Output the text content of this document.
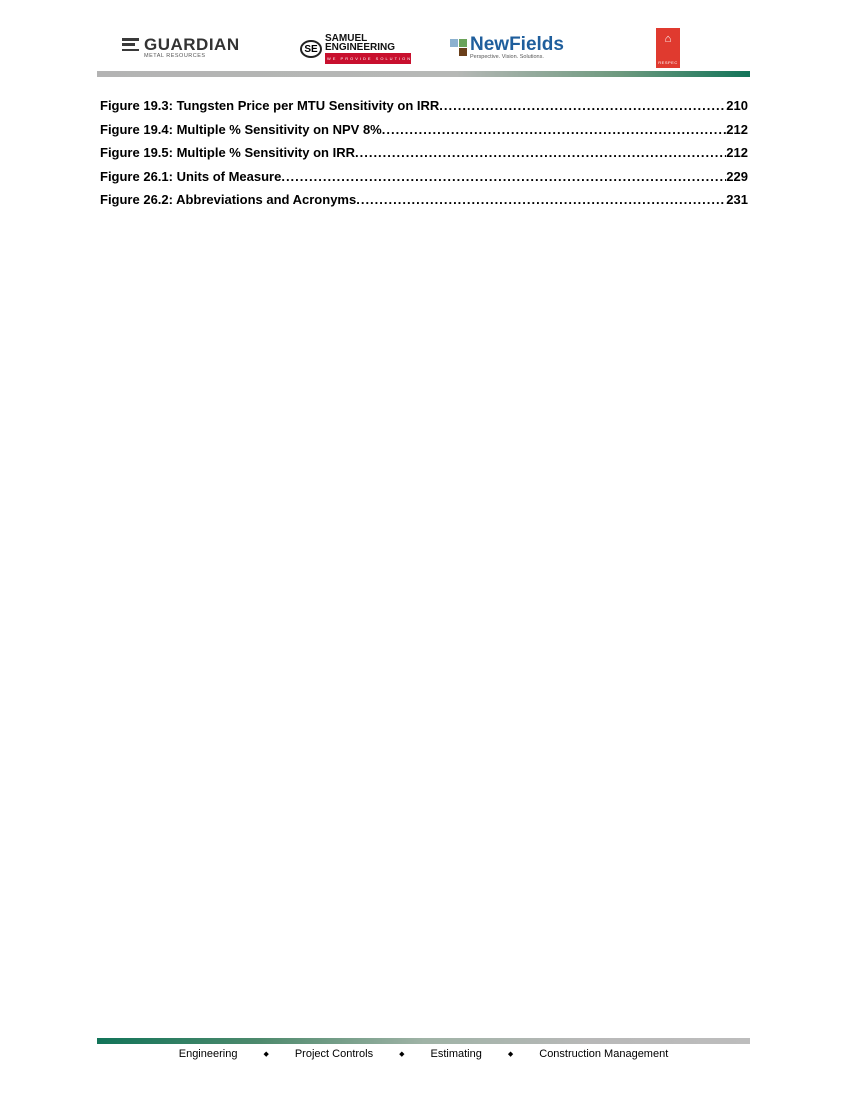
GUARDIAN
METAL RESOURCES
SE
SAMUEL
ENGINEERING
WE PROVIDE SOLUTIONS
NewFields
Perspective. Vision. Solutions.
⌂
RESPEC
Figure 19.3: Tungsten Price per MTU Sensitivity on IRR .....	210
Figure 19.4: Multiple % Sensitivity on NPV 8% .....	212
Figure 19.5: Multiple % Sensitivity on IRR .....	212
Figure 26.1: Units of Measure .....	229
Figure 26.2: Abbreviations and Acronyms .....	231
Engineering	◆ Project Controls	◆ Estimating	◆ Construction Management
